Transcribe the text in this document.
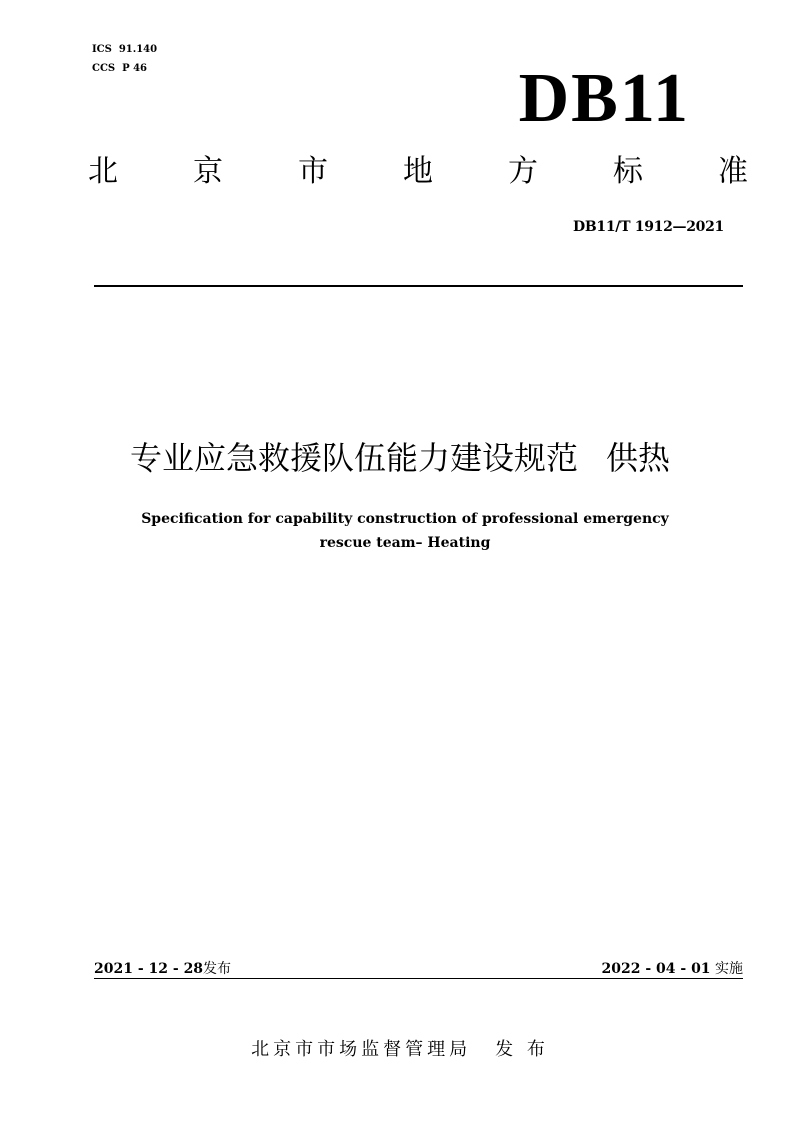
ICS  91.140
CCS  P 46	DB11
北	京	市	地	方	标	准
DB11/T 1912—2021
专业应急救援队伍能力建设规范 供热
Specification for capability construction of professional emergency
rescue team– Heating
2021 - 12 - 28发布	2022 - 04 - 01 实施
北京市市场监督管理局 发 布
